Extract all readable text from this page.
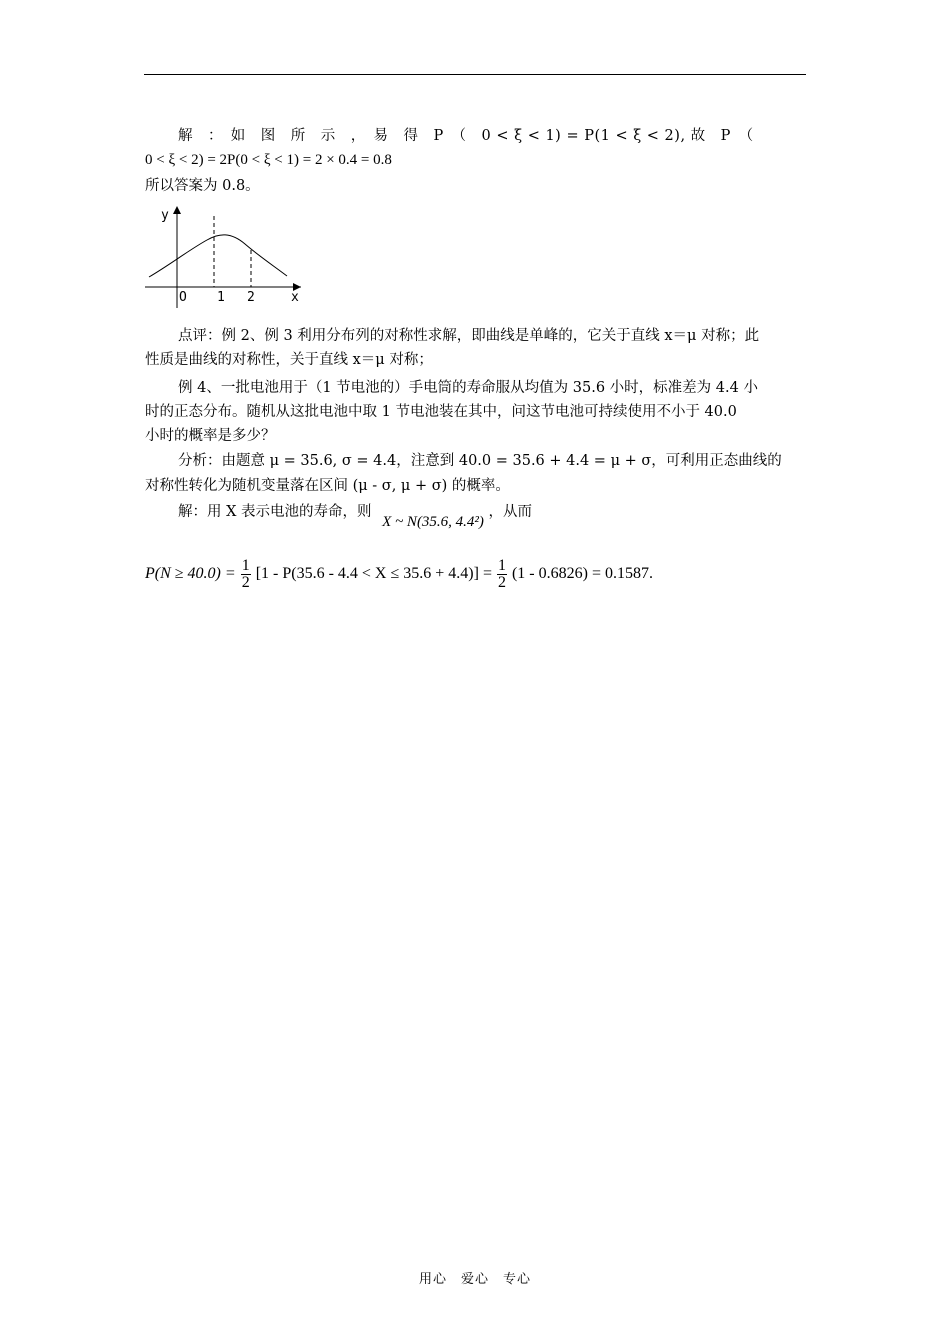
解　：　如　图　所　示　，　易　得　P　（　0 < ξ < 1) = P(1 < ξ < 2), 故　P　（
0 < ξ < 2) = 2P(0 < ξ < 1) = 2 × 0.4 = 0.8
所以答案为 0.8。
y
O 1 2	x
点评：例 2、例 3 利用分布列的对称性求解，即曲线是单峰的，它关于直线 x＝μ 对称；此
性质是曲线的对称性，关于直线 x＝μ 对称；
例 4、一批电池用于（1 节电池的）手电筒的寿命服从均值为 35.6 小时，标准差为 4.4 小
时的正态分布。随机从这批电池中取 1 节电池装在其中，问这节电池可持续使用不小于 40.0
小时的概率是多少？
分析：由题意 μ = 35.6, σ = 4.4，注意到 40.0 = 35.6 + 4.4 = μ + σ，可利用正态曲线的
对称性转化为随机变量落在区间 (μ - σ, μ + σ) 的概率。
解：用 X 表示电池的寿命，则 X ~ N(35.6, 4.4²) ，从而
$P(N \ge 40.0) = \frac{1}{2} [1 - P(35.6 - 4.4 < X \le 35.6 + 4.4)] = \frac{1}{2} (1 - 0.6826) = 0.1587$.
用心　爱心　专心
